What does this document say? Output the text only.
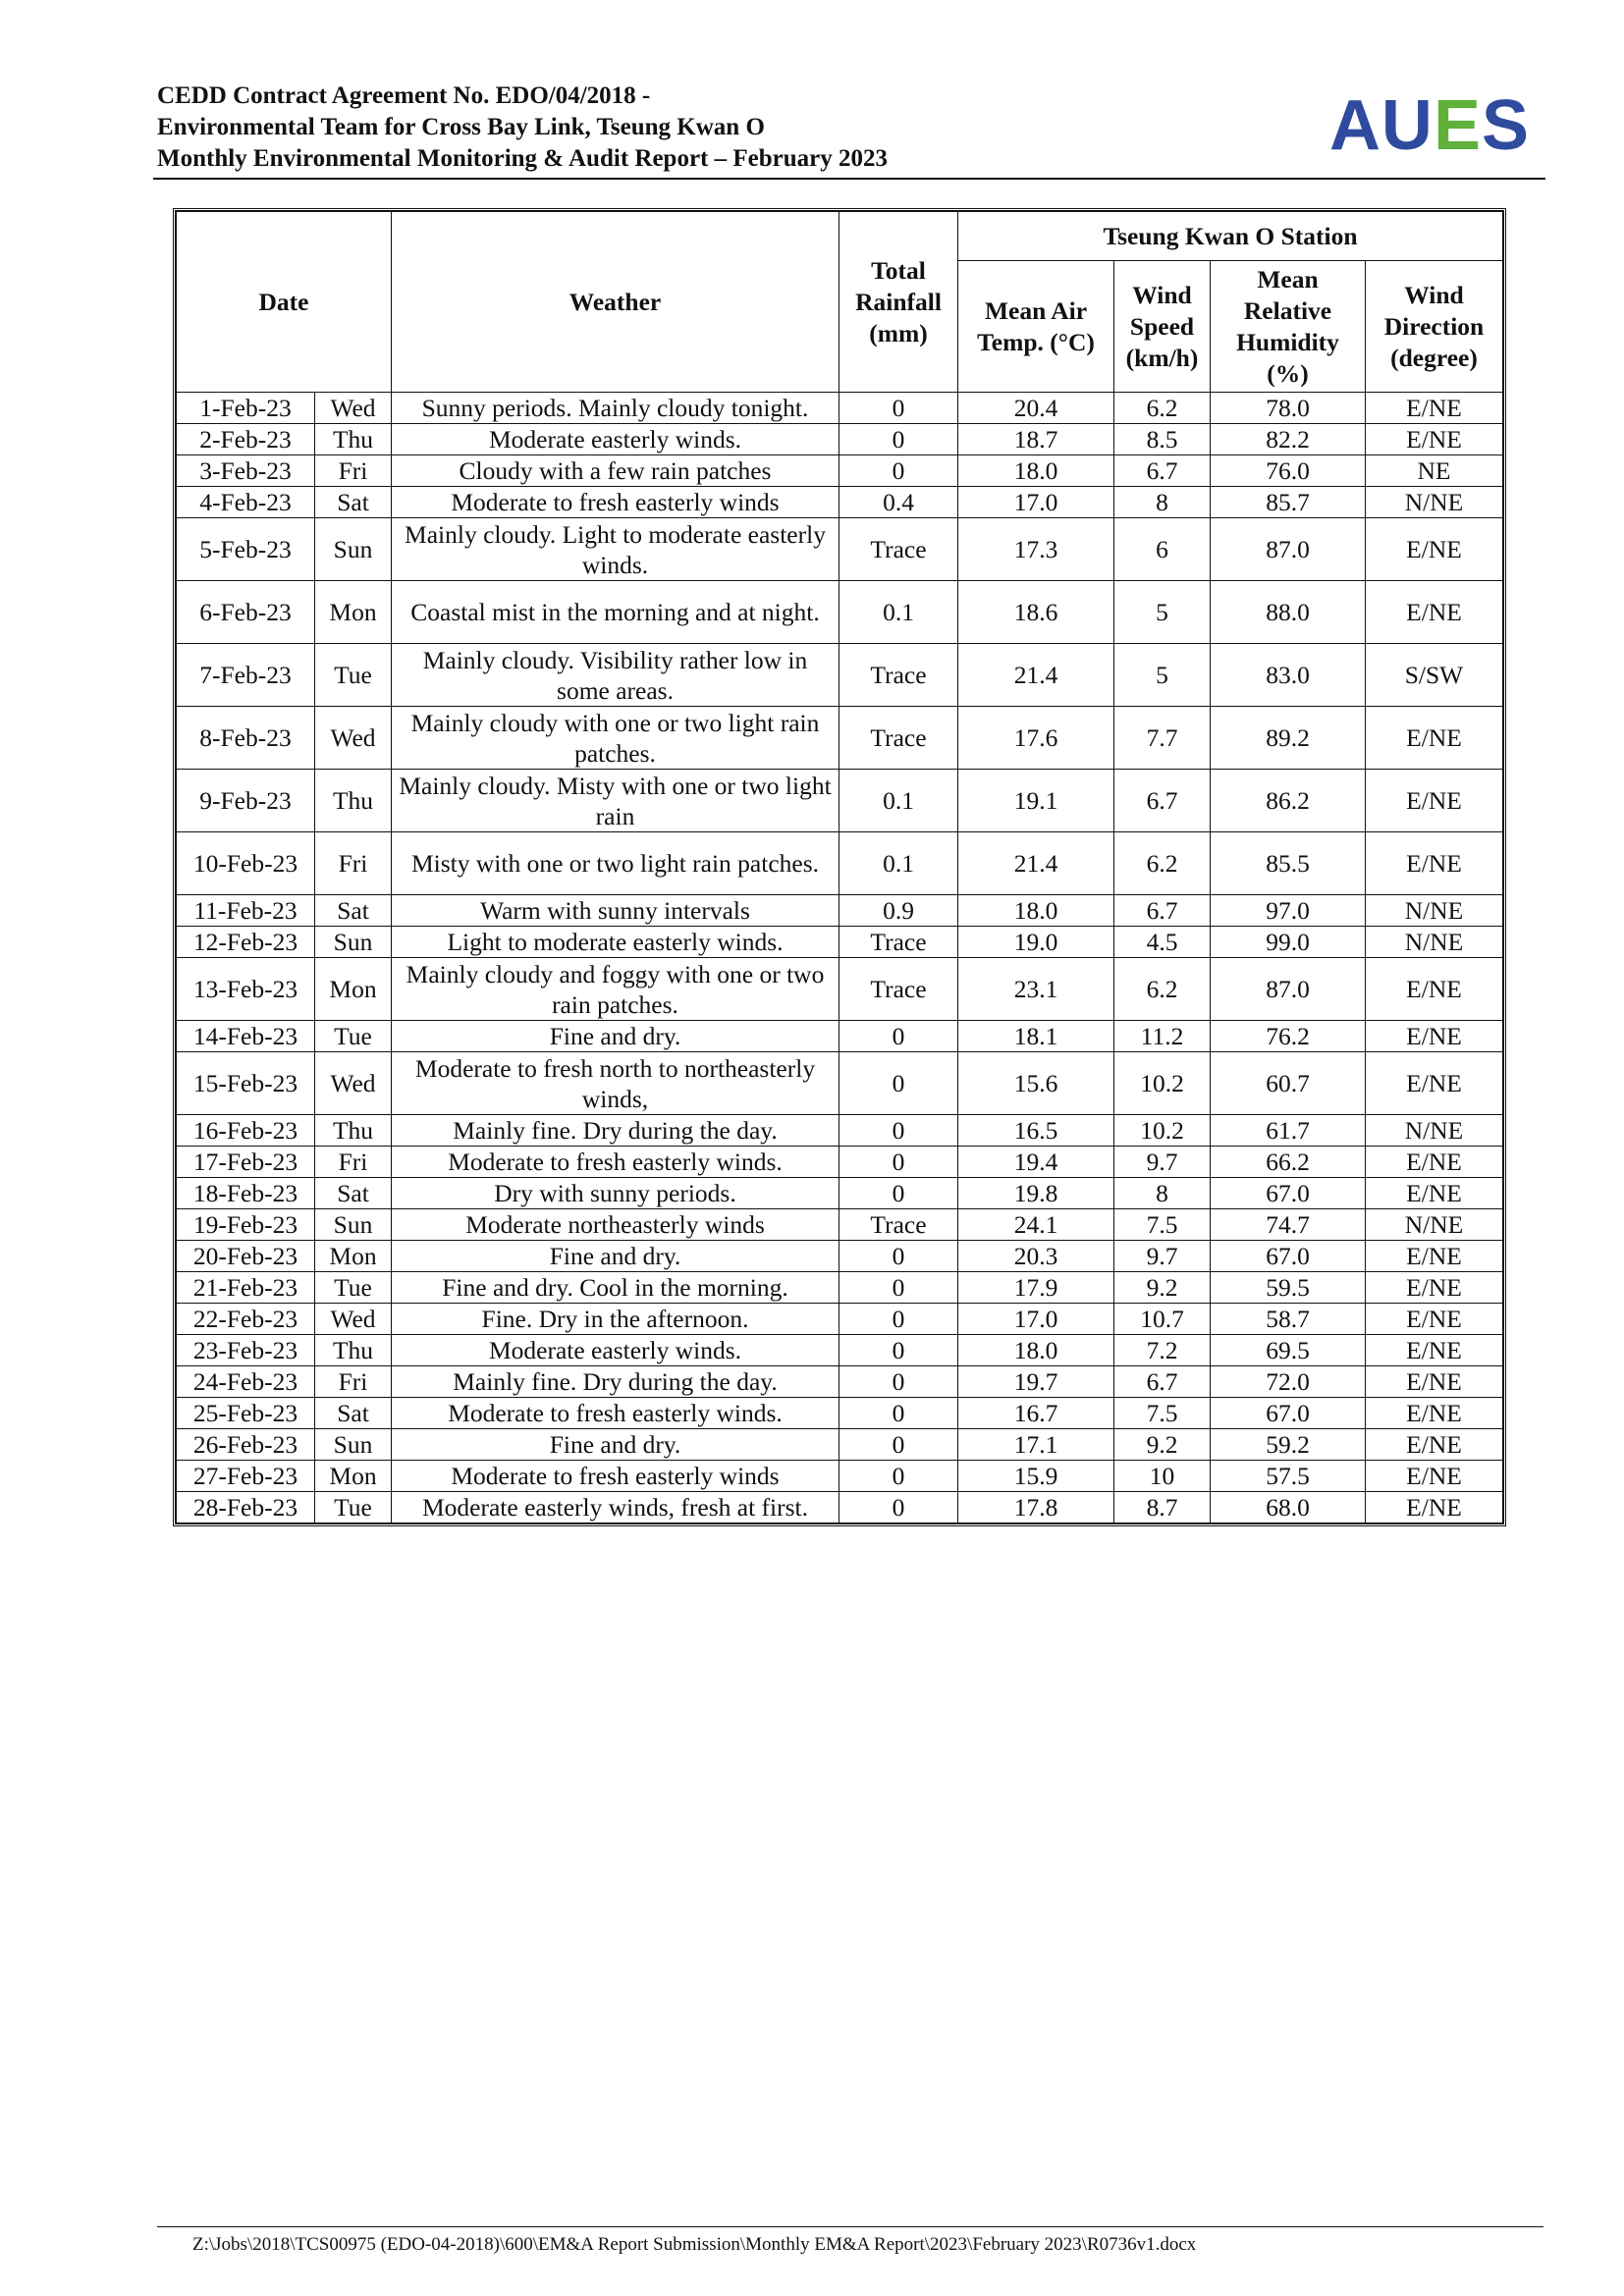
CEDD Contract Agreement No. EDO/04/2018 -
Environmental Team for Cross Bay Link, Tseung Kwan O
Monthly Environmental Monitoring & Audit Report – February 2023	AUES
Date		Weather	Total Rainfall (mm)	Tseung Kwan O Station			
				Mean Air Temp. (°C)	Wind Speed (km/h)	Mean Relative Humidity (%)	Wind Direction (degree)
1-Feb-23	Wed	Sunny periods. Mainly cloudy tonight.	0	20.4	6.2	78.0	E/NE
2-Feb-23	Thu	Moderate easterly winds.	0	18.7	8.5	82.2	E/NE
3-Feb-23	Fri	Cloudy with a few rain patches	0	18.0	6.7	76.0	NE
4-Feb-23	Sat	Moderate to fresh easterly winds	0.4	17.0	8	85.7	N/NE
5-Feb-23	Sun	Mainly cloudy. Light to moderate easterly winds.	Trace	17.3	6	87.0	E/NE
6-Feb-23	Mon	Coastal mist in the morning and at night.	0.1	18.6	5	88.0	E/NE
7-Feb-23	Tue	Mainly cloudy. Visibility rather low in some areas.	Trace	21.4	5	83.0	S/SW
8-Feb-23	Wed	Mainly cloudy with one or two light rain patches.	Trace	17.6	7.7	89.2	E/NE
9-Feb-23	Thu	Mainly cloudy. Misty with one or two light rain	0.1	19.1	6.7	86.2	E/NE
10-Feb-23	Fri	Misty with one or two light rain patches.	0.1	21.4	6.2	85.5	E/NE
11-Feb-23	Sat	Warm with sunny intervals	0.9	18.0	6.7	97.0	N/NE
12-Feb-23	Sun	Light to moderate easterly winds.	Trace	19.0	4.5	99.0	N/NE
13-Feb-23	Mon	Mainly cloudy and foggy with one or two rain patches.	Trace	23.1	6.2	87.0	E/NE
14-Feb-23	Tue	Fine and dry.	0	18.1	11.2	76.2	E/NE
15-Feb-23	Wed	Moderate to fresh north to northeasterly winds,	0	15.6	10.2	60.7	E/NE
16-Feb-23	Thu	Mainly fine. Dry during the day.	0	16.5	10.2	61.7	N/NE
17-Feb-23	Fri	Moderate to fresh easterly winds.	0	19.4	9.7	66.2	E/NE
18-Feb-23	Sat	Dry with sunny periods.	0	19.8	8	67.0	E/NE
19-Feb-23	Sun	Moderate northeasterly winds	Trace	24.1	7.5	74.7	N/NE
20-Feb-23	Mon	Fine and dry.	0	20.3	9.7	67.0	E/NE
21-Feb-23	Tue	Fine and dry. Cool in the morning.	0	17.9	9.2	59.5	E/NE
22-Feb-23	Wed	Fine. Dry in the afternoon.	0	17.0	10.7	58.7	E/NE
23-Feb-23	Thu	Moderate easterly winds.	0	18.0	7.2	69.5	E/NE
24-Feb-23	Fri	Mainly fine. Dry during the day.	0	19.7	6.7	72.0	E/NE
25-Feb-23	Sat	Moderate to fresh easterly winds.	0	16.7	7.5	67.0	E/NE
26-Feb-23	Sun	Fine and dry.	0	17.1	9.2	59.2	E/NE
27-Feb-23	Mon	Moderate to fresh easterly winds	0	15.9	10	57.5	E/NE
28-Feb-23	Tue	Moderate easterly winds, fresh at first.	0	17.8	8.7	68.0	E/NE
Z:\Jobs\2018\TCS00975 (EDO-04-2018)\600\EM&A Report Submission\Monthly EM&A Report\2023\February 2023\R0736v1.docx
